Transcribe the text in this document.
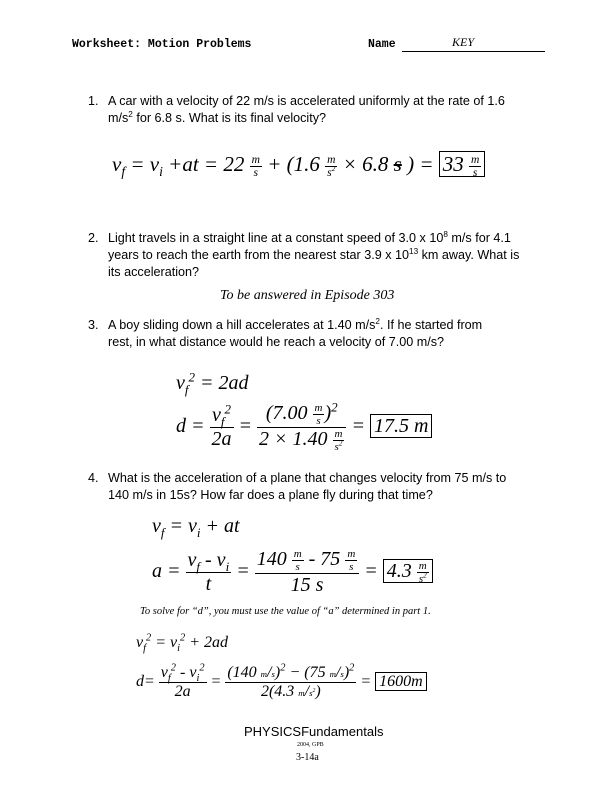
Worksheet: Motion Problems	Name	KEY
1. A car with a velocity of 22 m/s is accelerated uniformly at the rate of 1.6
$m/s^2$ for 6.8 s. What is its final velocity?
$v_f = v_i +at = 22 \frac{m}{s} + (1.6 \frac{m}{s^2} \times 6.8$ s ) = $33 \frac{m}{s}$
2. Light travels in a straight line at a constant speed of 3.0 x $10^8$ m/s for 4.1
years to reach the earth from the nearest star 3.9 x $10^{13}$ km away. What is
its acceleration?
To be answered in Episode 303
3. A boy sliding down a hill accelerates at 1.40 $m/s^2$. If he started from
rest, in what distance would he reach a velocity of 7.00 m/s?
$v_f^2 = 2ad$
$d = \frac{v_f^2}{2a} = \frac{(7.00 \frac{m}{s} )^2}{2 \times 1.40 \frac{m}{s^2}} = 17.5$ m
4. What is the acceleration of a plane that changes velocity from 75 m/s to
140 m/s in 15s? How far does a plane fly during that time?
$v_f = v_i$ + at
$a = \frac{v_f - v_i}{t} = \frac{140 \frac{m}{s} - 75 \frac{m}{s}}{15 s} = 4.3 \frac{m}{s^2}$
To solve for “d”, you must use the value of “a” determined in part 1.
$v_f^2 = v_i^2 + 2ad$
$d= \frac{v_f^2 - v_i^2}{2a} = \frac{(140 m/s)^2 - (75 m/s)^2}{2(4.3 m/s^2)} = 1600m$
PHYSICSFundamentals
2004, GPB
3-14a
